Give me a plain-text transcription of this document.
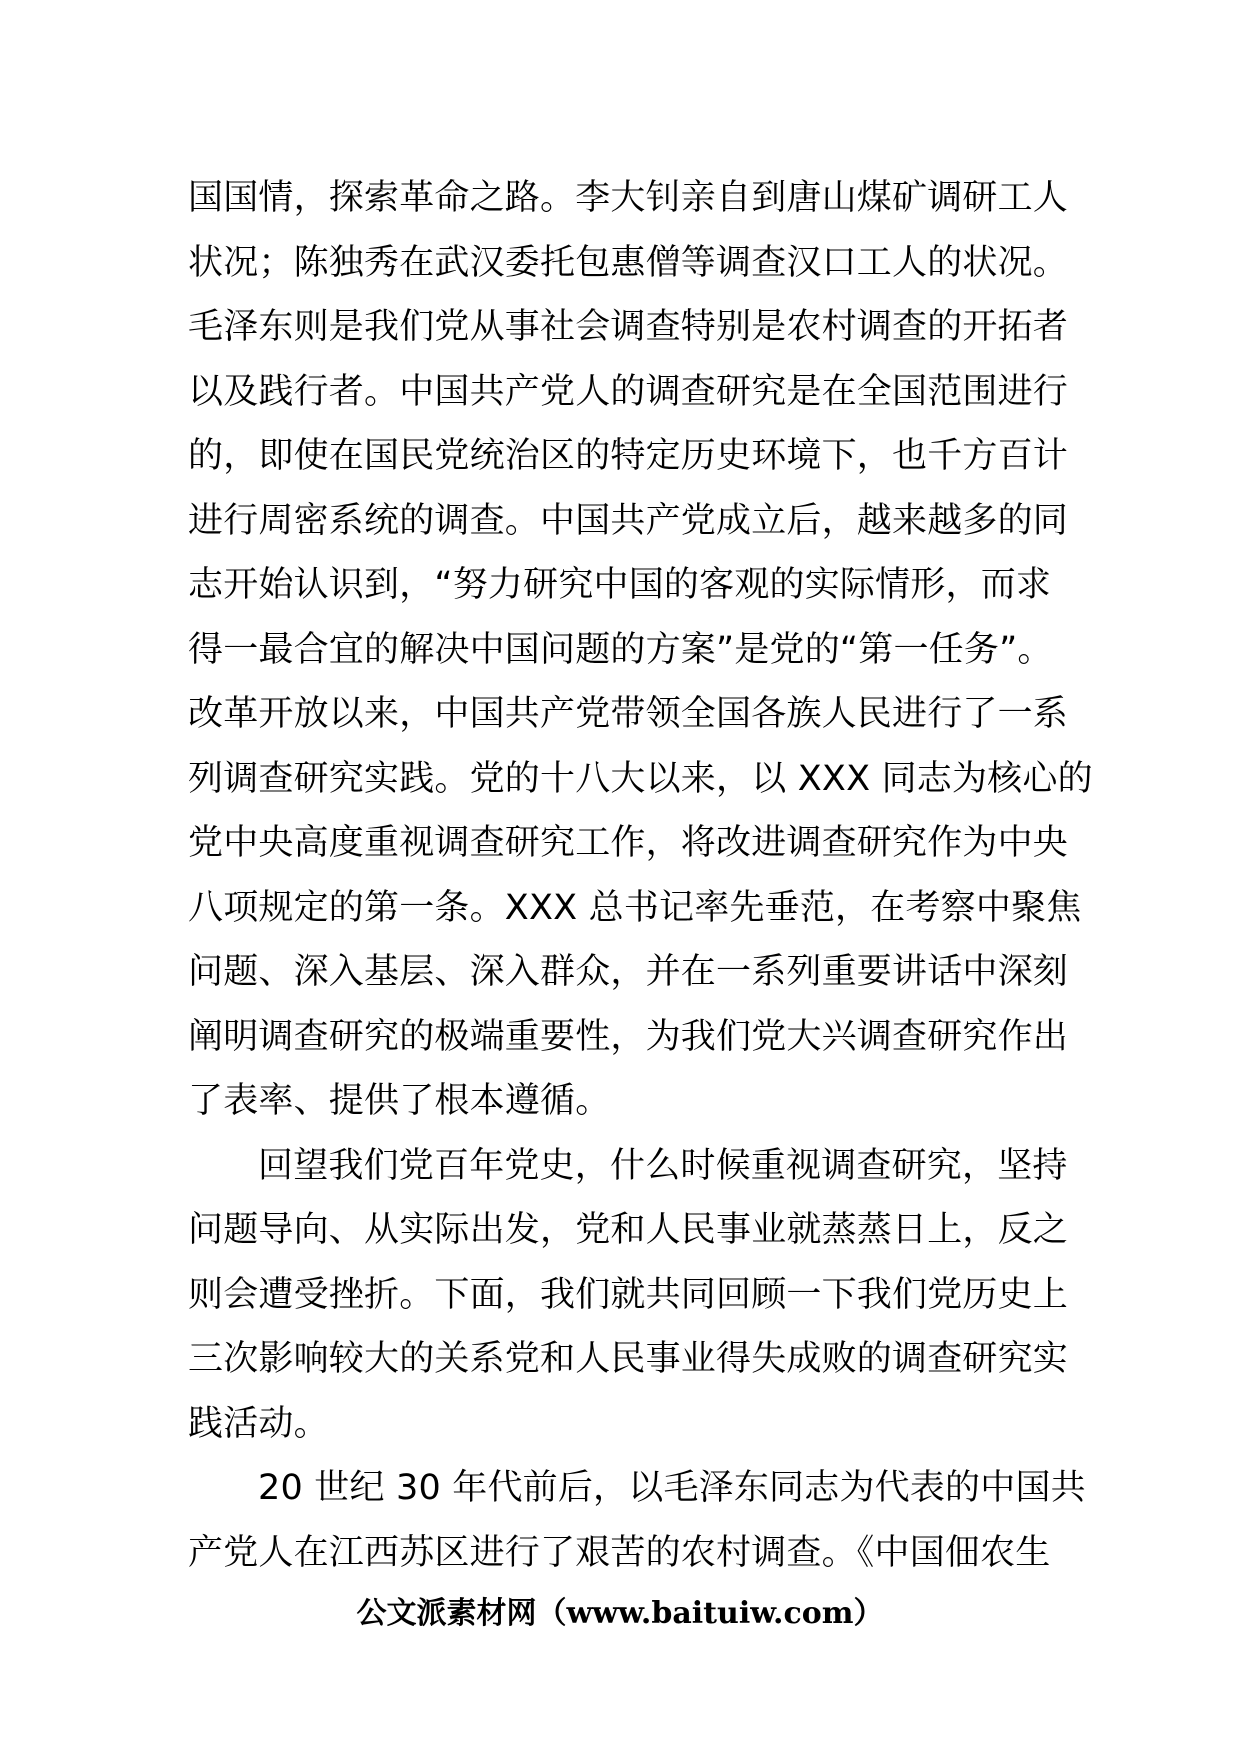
国国情，探索革命之路。李大钊亲自到唐山煤矿调研工人
状况；陈独秀在武汉委托包惠僧等调查汉口工人的状况。
毛泽东则是我们党从事社会调查特别是农村调查的开拓者
以及践行者。中国共产党人的调查研究是在全国范围进行
的，即使在国民党统治区的特定历史环境下，也千方百计
进行周密系统的调查。中国共产党成立后，越来越多的同
志开始认识到，“努力研究中国的客观的实际情形，而求
得一最合宜的解决中国问题的方案”是党的“第一任务”。
改革开放以来，中国共产党带领全国各族人民进行了一系
列调查研究实践。党的十八大以来，以 XXX 同志为核心的
党中央高度重视调查研究工作，将改进调查研究作为中央
八项规定的第一条。XXX 总书记率先垂范，在考察中聚焦
问题、深入基层、深入群众，并在一系列重要讲话中深刻
阐明调查研究的极端重要性，为我们党大兴调查研究作出
了表率、提供了根本遵循。
回望我们党百年党史，什么时候重视调查研究，坚持
问题导向、从实际出发，党和人民事业就蒸蒸日上，反之
则会遭受挫折。下面，我们就共同回顾一下我们党历史上
三次影响较大的关系党和人民事业得失成败的调查研究实
践活动。
20 世纪 30 年代前后，以毛泽东同志为代表的中国共
产党人在江西苏区进行了艰苦的农村调查。《中国佃农生
公文派素材网（www.baituiw.com）
